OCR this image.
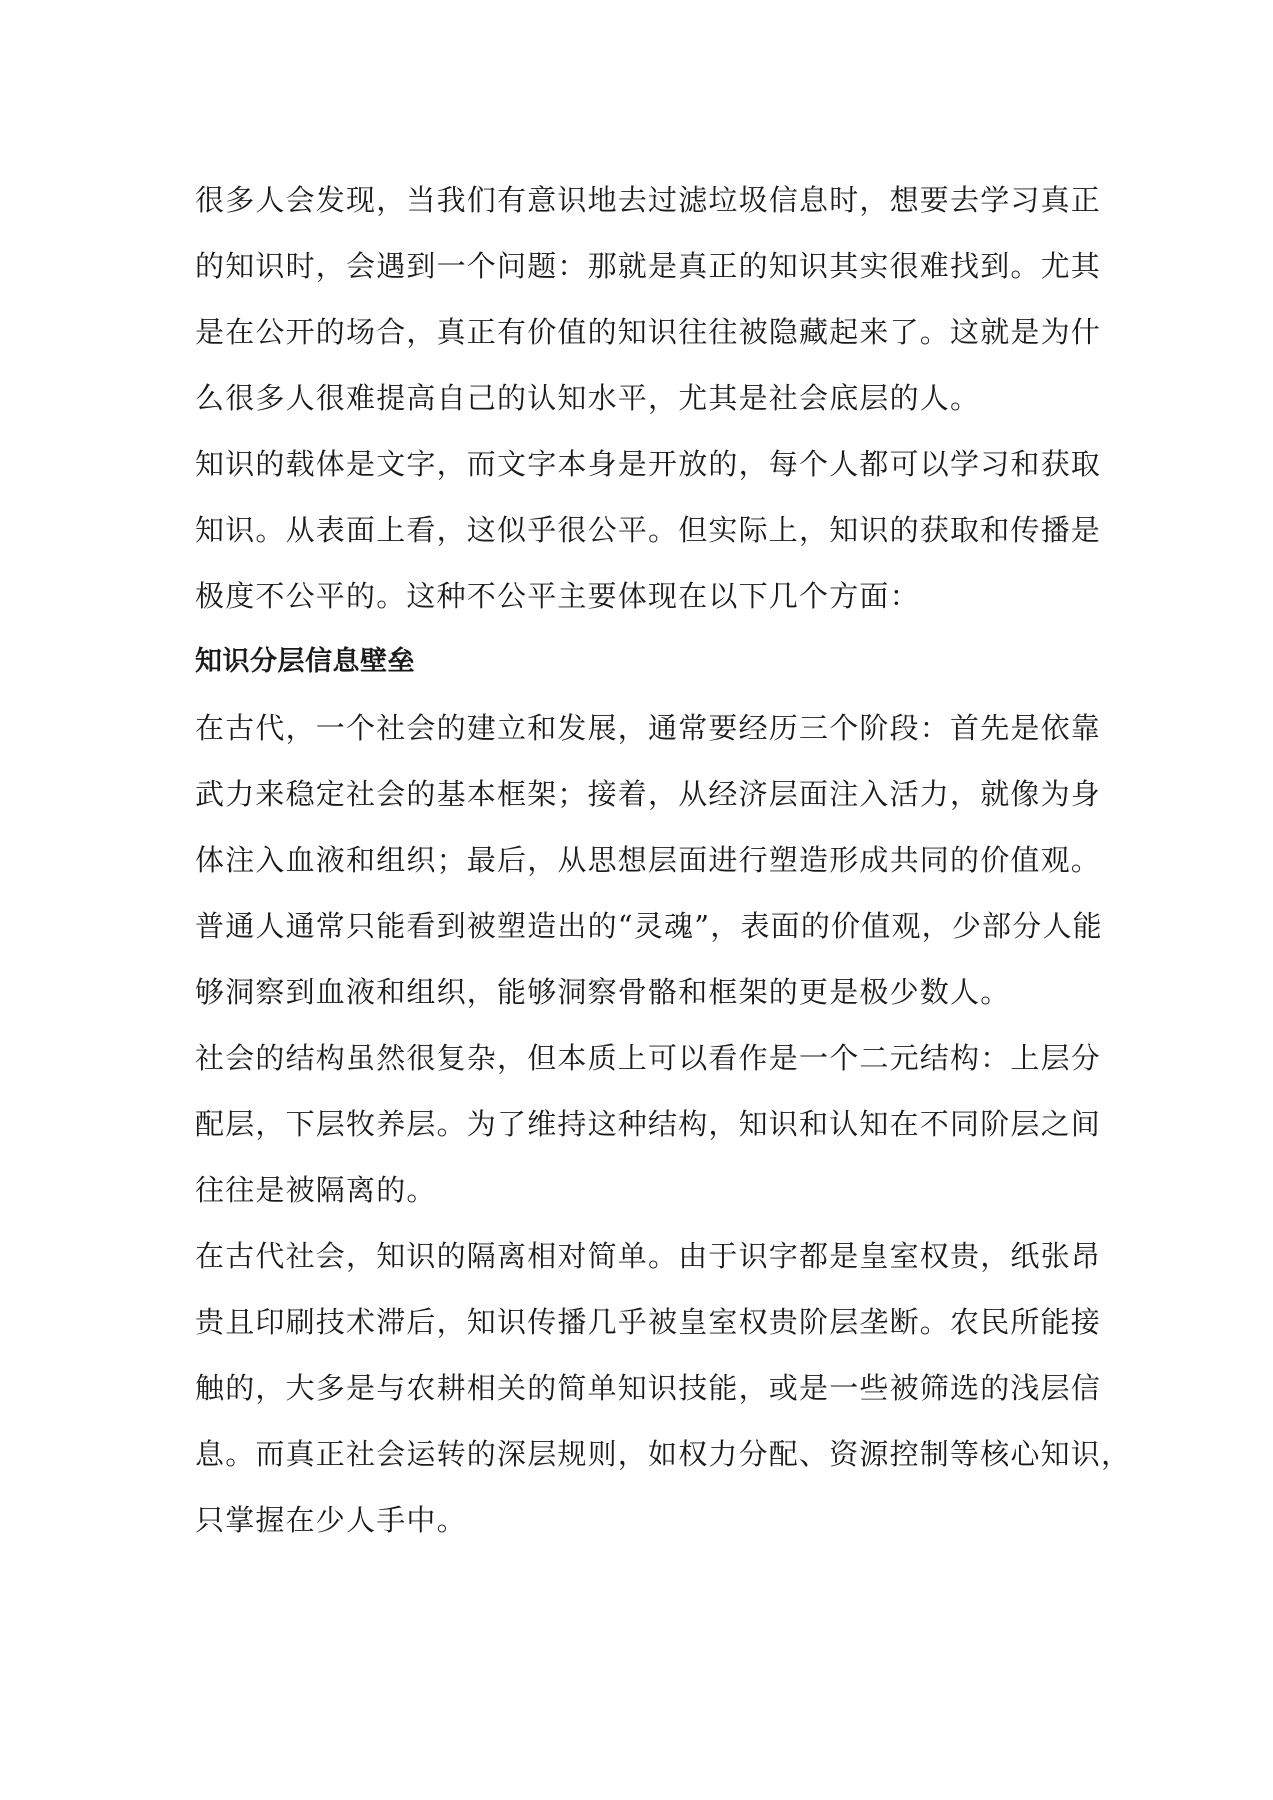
很多人会发现，当我们有意识地去过滤垃圾信息时，想要去学习真正
的知识时，会遇到一个问题：那就是真正的知识其实很难找到。尤其
是在公开的场合，真正有价值的知识往往被隐藏起来了。这就是为什
么很多人很难提高自己的认知水平，尤其是社会底层的人。
知识的载体是文字，而文字本身是开放的，每个人都可以学习和获取
知识。从表面上看，这似乎很公平。但实际上，知识的获取和传播是
极度不公平的。这种不公平主要体现在以下几个方面：
知识分层信息壁垒
在古代，一个社会的建立和发展，通常要经历三个阶段：首先是依靠
武力来稳定社会的基本框架；接着，从经济层面注入活力，就像为身
体注入血液和组织；最后，从思想层面进行塑造形成共同的价值观。
普通人通常只能看到被塑造出的“灵魂”，表面的价值观，少部分人能
够洞察到血液和组织，能够洞察骨骼和框架的更是极少数人。
社会的结构虽然很复杂，但本质上可以看作是一个二元结构：上层分
配层，下层牧养层。为了维持这种结构，知识和认知在不同阶层之间
往往是被隔离的。
在古代社会，知识的隔离相对简单。由于识字都是皇室权贵，纸张昂
贵且印刷技术滞后，知识传播几乎被皇室权贵阶层垄断。农民所能接
触的，大多是与农耕相关的简单知识技能，或是一些被筛选的浅层信
息。而真正社会运转的深层规则，如权力分配、资源控制等核心知识，
只掌握在少人手中。
